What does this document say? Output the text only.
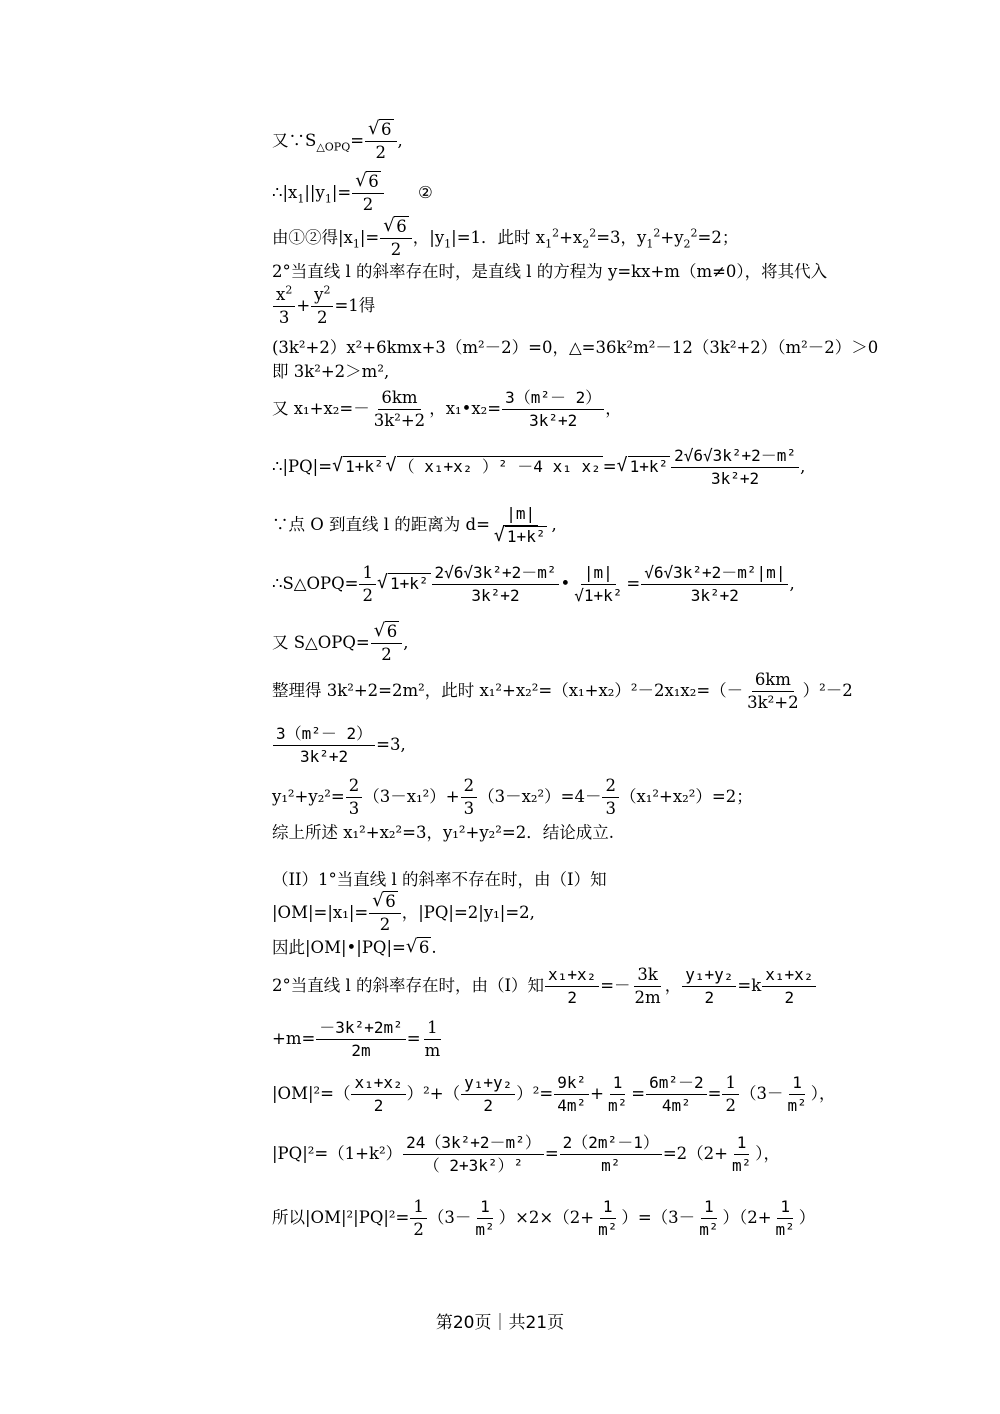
又$\because S_{\triangle OPQ}=$ √ $\frac{6}{2}$ ,
$\therefore|x_1||y_1|=$ √ $\frac{6}{2}$ ②
由①②得$|x_1|=$ √ $\frac{6}{2}$ ，$|y_1|=1$．此时 $x_1^2+x_2^2=3$，$y_1^2+y_2^2=2$；
2°当直线 l 的斜率存在时，是直线 l 的方程为 y=kx+m（m≠0），将其代入
$\frac{x^2}{3} + \frac{y^2}{2} =1$得
(3k²+2）x²+6kmx+3（m²－2）=0，△=36k²m²－12（3k²+2）（m²－2）＞0
即 3k²+2＞m²,
又 $x_1+x_2=- \frac{6km}{\text{3k²+2}}$ ，x₁•x₂= $\frac{\text{3（m²－ 2）}}{\text{3k²+2}}$ ，
∴|PQ|= √ 1+k² √ （ x₁+x₂ ）² －4 x₁ x₂ = √ $1+k^2 \frac{\text{2√6√3k²+2－m²}}{\text{3k²+2}}$ ,
∵点 O 到直线 l 的距离为 d= |m|
√ 1+k² ,
∴S△OPQ= $\frac{1}{2}$ √ $1+k^2 \frac{\text{2√6√3k²+2－m²}}{\text{3k²+2}}$ • $\frac{|m|}{\text{√1+k²}} = \frac{\text{√6√3k²+2－m²|m|}}{\text{3k²+2}}$ ,
又 S△OPQ= √ $\frac{6}{2}$ ,
整理得 3k²+2=2m²，此时 $x_1^2+x_2^2=(x_1+x_2)^2-2x_1x_2=(- \frac{6km}{\text{3k²+2}} )^2-2$
$\frac{\text{3（m²－ 2）}}{\text{3k²+2}} =3$,
$y_1^2+y_2^2= \frac{2}{3} (3-x_1^2)+ \frac{2}{3} (3-x_2^2)=4- \frac{2}{3} (x_1^2+x_2^2)=2$；
综上所述 x₁²+x₂²=3，y₁²+y₂²=2．结论成立.
（II）1°当直线 l 的斜率不存在时，由（I）知
|OM|=|x₁|= √ $\frac{6}{2}$ ，|PQ|=2|y₁|=2,
因此|OM|•|PQ|= √ 6 .
2°当直线 l 的斜率存在时，由（I）知 $\frac{\text{x₁+x₂}}{2} =- \frac{3k}{2m}$ ， $\frac{\text{y₁+y₂}}{2} =k \frac{\text{x₁+x₂}}{2}$
$+m= \frac{\text{－3k²+2m²}}{2m} = \frac{1}{m}$
$|OM|^2=( \frac{\text{x₁+x₂}}{2} )^2+( \frac{\text{y₁+y₂}}{2} )^2= \frac{\text{9k²}}{\text{4m²}} + \frac{1}{\text{m²}} = \frac{\text{6m²－2}}{\text{4m²}} = \frac{1}{2} (3- \frac{1}{\text{m²}}$ ），
$|PQ|^2=(1+k^2) \frac{\text{24（3k²+2－m²）}}{\text{（ 2+3k²）²}} = \frac{\text{2（2m²－1）}}{\text{m²}} =2(2+ \frac{1}{\text{m²}}$ ），
所以$|OM|^2|PQ|^2= \frac{1}{2} (3- \frac{1}{\text{m²}} )\times 2\times(2+ \frac{1}{\text{m²}} )=(3- \frac{1}{\text{m²}} )(2+ \frac{1}{\text{m²}}$ ）
第20页｜共21页
